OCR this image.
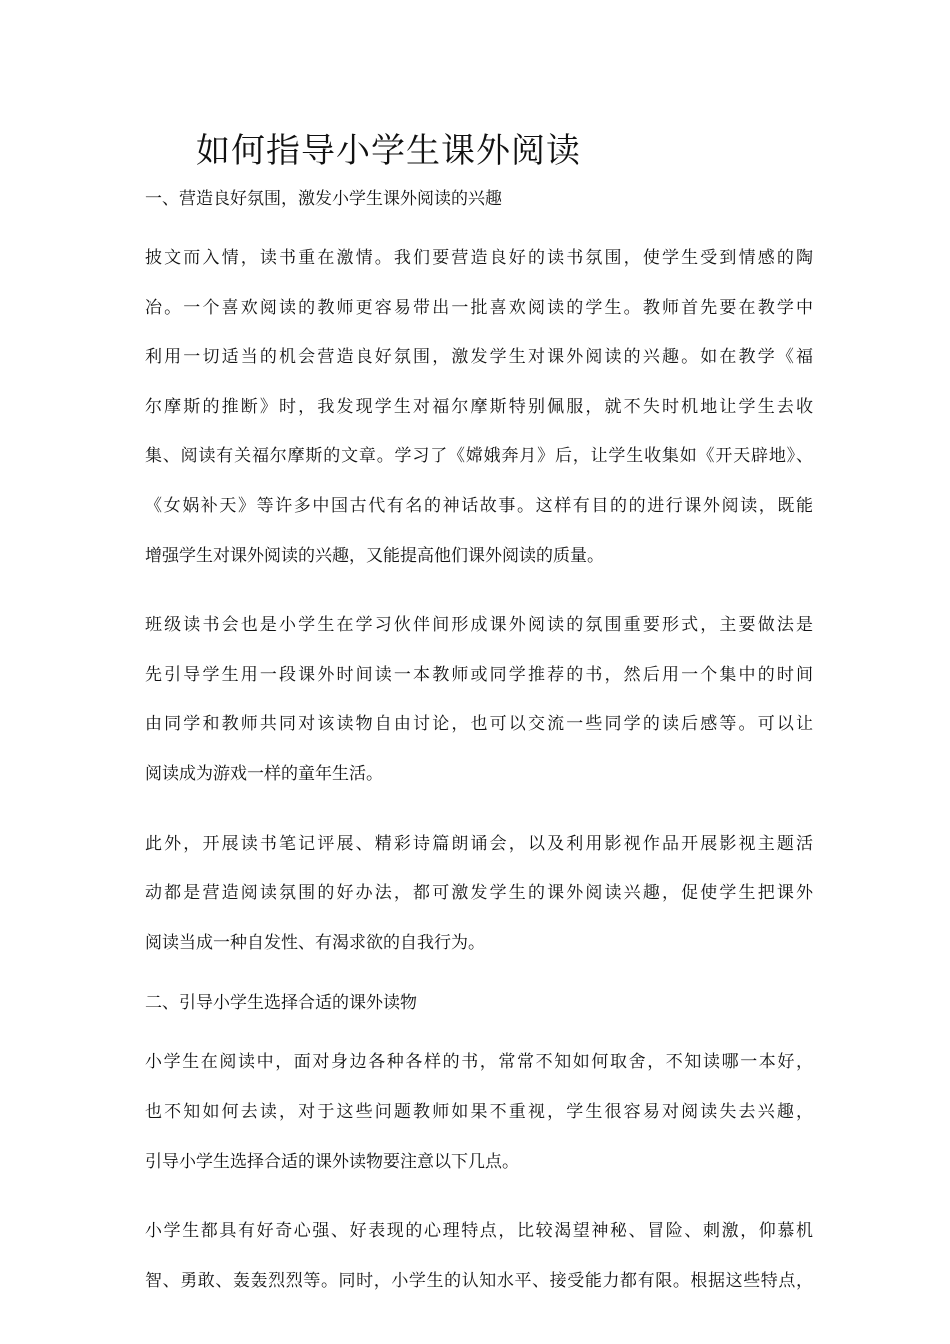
如何指导小学生课外阅读
一、营造良好氛围，激发小学生课外阅读的兴趣

披文而入情，读书重在激情。我们要营造良好的读书氛围，使学生受到情感的陶
冶。一个喜欢阅读的教师更容易带出一批喜欢阅读的学生。教师首先要在教学中
利用一切适当的机会营造良好氛围，激发学生对课外阅读的兴趣。如在教学《福
尔摩斯的推断》时，我发现学生对福尔摩斯特别佩服，就不失时机地让学生去收
集、阅读有关福尔摩斯的文章。学习了《嫦娥奔月》后，让学生收集如《开天辟地》、
《女娲补天》等许多中国古代有名的神话故事。这样有目的的进行课外阅读，既能
增强学生对课外阅读的兴趣，又能提高他们课外阅读的质量。

班级读书会也是小学生在学习伙伴间形成课外阅读的氛围重要形式，主要做法是
先引导学生用一段课外时间读一本教师或同学推荐的书，然后用一个集中的时间
由同学和教师共同对该读物自由讨论，也可以交流一些同学的读后感等。可以让
阅读成为游戏一样的童年生活。

此外，开展读书笔记评展、精彩诗篇朗诵会，以及利用影视作品开展影视主题活
动都是营造阅读氛围的好办法，都可激发学生的课外阅读兴趣，促使学生把课外
阅读当成一种自发性、有渴求欲的自我行为。

二、引导小学生选择合适的课外读物

小学生在阅读中，面对身边各种各样的书，常常不知如何取舍，不知读哪一本好，
也不知如何去读，对于这些问题教师如果不重视，学生很容易对阅读失去兴趣，
引导小学生选择合适的课外读物要注意以下几点。

小学生都具有好奇心强、好表现的心理特点，比较渴望神秘、冒险、刺激，仰慕机
智、勇敢、轰轰烈烈等。同时，小学生的认知水平、接受能力都有限。根据这些特点，
